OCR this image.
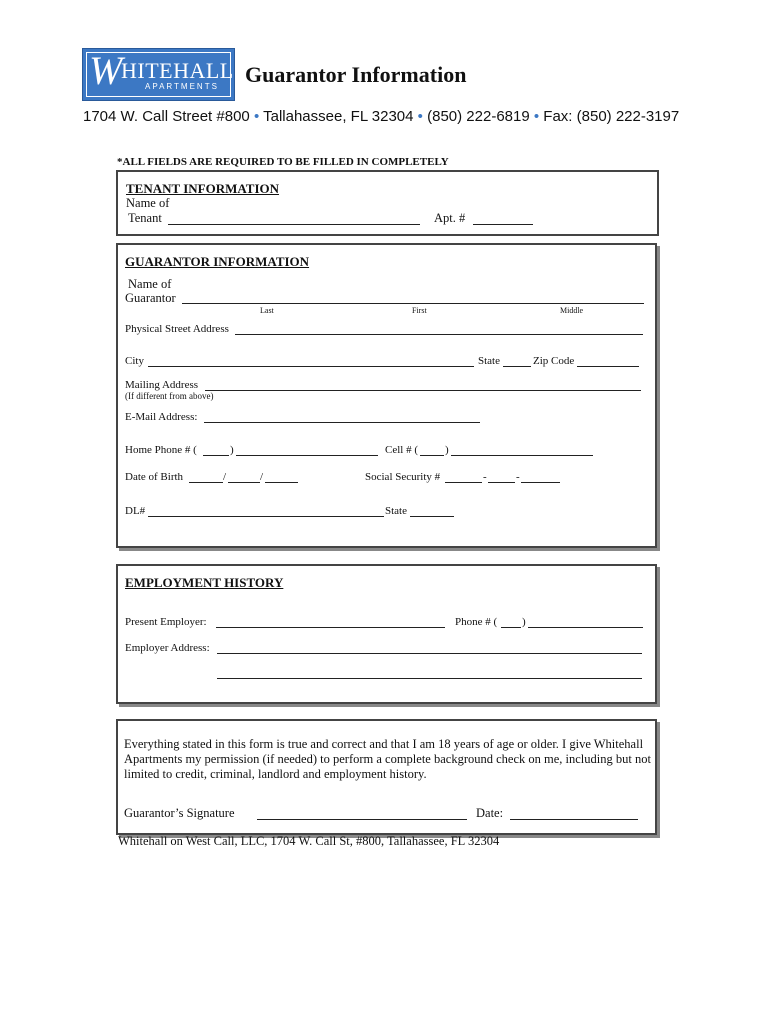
W
HITEHALL
APARTMENTS Guarantor Information
1704 W. Call Street #800 • Tallahassee, FL 32304 • (850) 222-6819 • Fax: (850) 222-3197
*ALL FIELDS ARE REQUIRED TO BE FILLED IN COMPLETELY
TENANT INFORMATION
Name of
Tenant	Apt. #
GUARANTOR INFORMATION
Name of
Guarantor
Last	First	Middle
Physical Street Address
City	State	Zip Code
Mailing Address
(If different from above)
E-Mail Address:
Home Phone # (	)	Cell # ( )
Date of Birth	/	/	Social Security #	-	-
DL#	State
EMPLOYMENT HISTORY
Present Employer:	Phone # ( )
Employer Address:
Everything stated in this form is true and correct and that I am 18 years of age or older. I give Whitehall Apartments my permission (if needed) to perform a complete background check on me, including but not limited to credit, criminal, landlord and employment history.
Guarantor’s Signature	Date:
Whitehall on West Call, LLC, 1704 W. Call St, #800, Tallahassee, FL 32304
